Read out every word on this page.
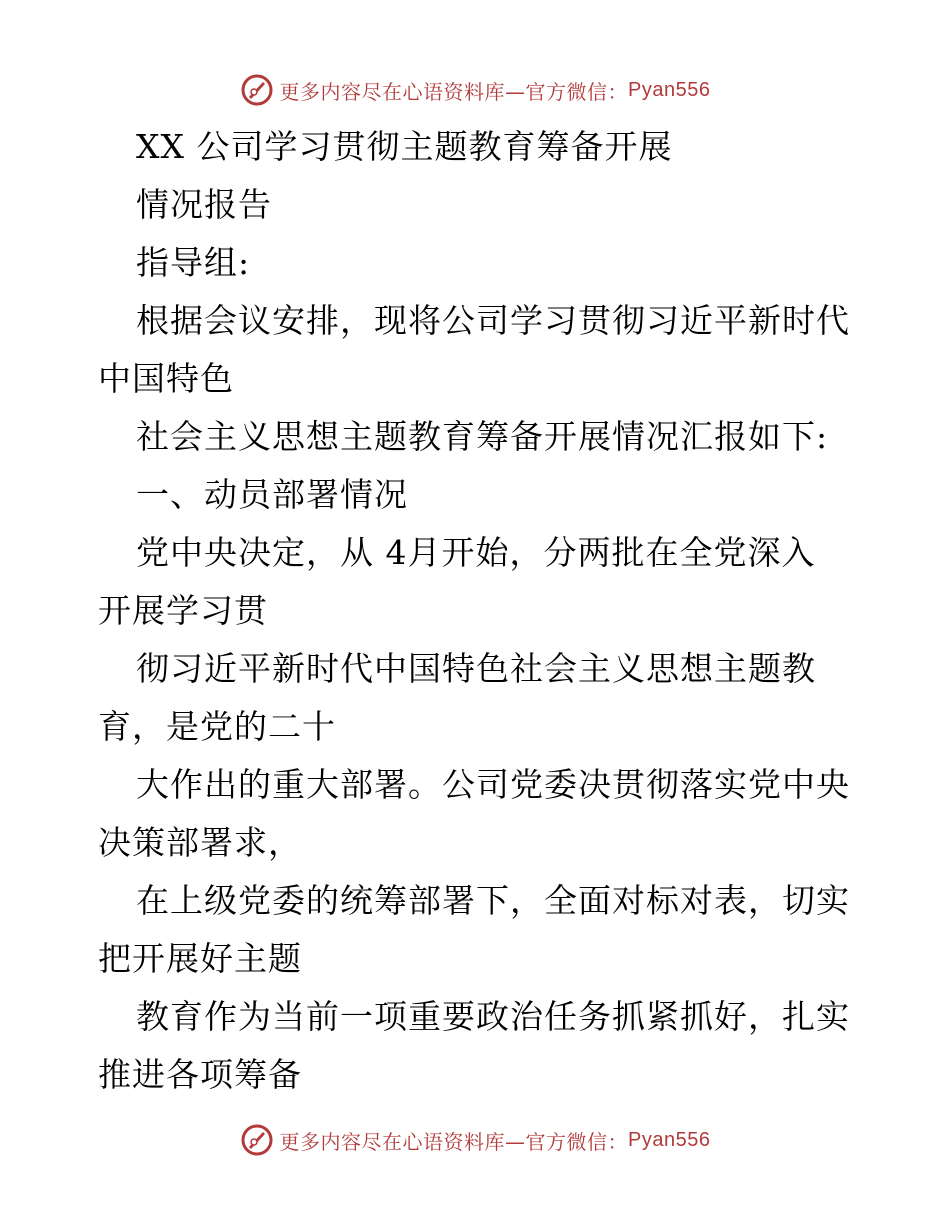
更多内容尽在心语资料库—官方微信： Pyan556
XX 公司学习贯彻主题教育筹备开展
情况报告
指导组:
根据会议安排，现将公司学习贯彻习近平新时代
中国特色
社会主义思想主题教育筹备开展情况汇报如下:
一、动员部署情况
党中央决定，从 4月开始，分两批在全党深入
开展学习贯
彻习近平新时代中国特色社会主义思想主题教
育，是党的二十
大作出的重大部署。公司党委决贯彻落实党中央
决策部署求，
在上级党委的统筹部署下，全面对标对表，切实
把开展好主题
教育作为当前一项重要政治任务抓紧抓好，扎实
推进各项筹备
更多内容尽在心语资料库—官方微信： Pyan556
